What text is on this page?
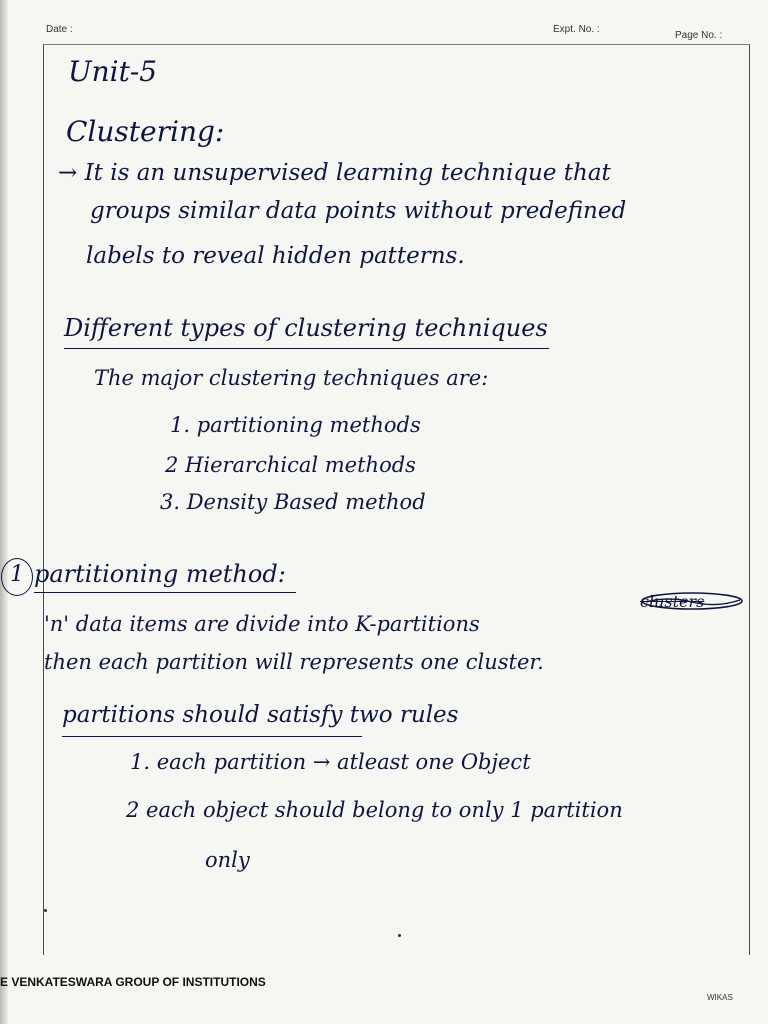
Date :	Expt. No. :
Page No. :
Unit-5
Clustering:
→ It is an unsupervised learning technique that
groups similar data points without predefined
labels to reveal hidden patterns.
Different types of clustering techniques
The major clustering techniques are:
1. partitioning methods
2 Hierarchical methods
3. Density Based method
1 partitioning method:
'n' data items are divide into K-partitions
clusters
then each partition will represents one cluster.
partitions should satisfy two rules
1. each partition → atleast one Object
2 each object should belong to only 1 partition
only
E VENKATESWARA GROUP OF INSTITUTIONS
WIKAS
